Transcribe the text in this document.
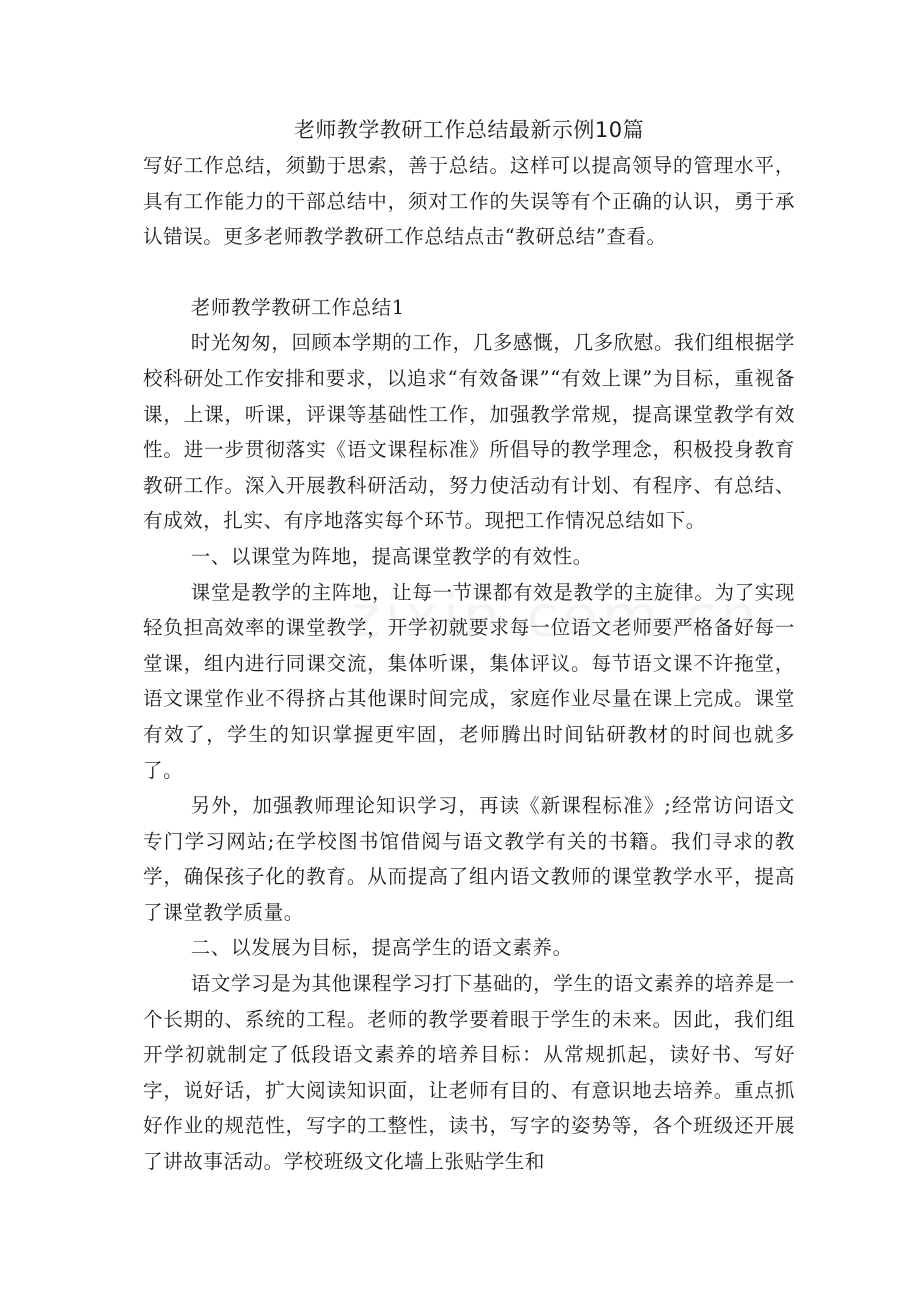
老师教学教研工作总结最新示例10篇

写好工作总结，须勤于思索，善于总结。这样可以提高领导的管理水平，具有工作能力的干部总结中，须对工作的失误等有个正确的认识，勇于承认错误。更多老师教学教研工作总结点击“教研总结”查看。

老师教学教研工作总结1

时光匆匆，回顾本学期的工作，几多感慨，几多欣慰。我们组根据学校科研处工作安排和要求，以追求“有效备课”“有效上课”为目标，重视备课，上课，听课，评课等基础性工作，加强教学常规，提高课堂教学有效性。进一步贯彻落实《语文课程标准》所倡导的教学理念，积极投身教育教研工作。深入开展教科研活动，努力使活动有计划、有程序、有总结、有成效，扎实、有序地落实每个环节。现把工作情况总结如下。

一、以课堂为阵地，提高课堂教学的有效性。

课堂是教学的主阵地，让每一节课都有效是教学的主旋律。为了实现轻负担高效率的课堂教学，开学初就要求每一位语文老师要严格备好每一堂课，组内进行同课交流，集体听课，集体评议。每节语文课不许拖堂，语文课堂作业不得挤占其他课时间完成，家庭作业尽量在课上完成。课堂有效了，学生的知识掌握更牢固，老师腾出时间钻研教材的时间也就多了。

另外，加强教师理论知识学习，再读《新课程标准》;经常访问语文专门学习网站;在学校图书馆借阅与语文教学有关的书籍。我们寻求的教学，确保孩子化的教育。从而提高了组内语文教师的课堂教学水平，提高了课堂教学质量。

二、以发展为目标，提高学生的语文素养。

语文学习是为其他课程学习打下基础的，学生的语文素养的培养是一个长期的、系统的工程。老师的教学要着眼于学生的未来。因此，我们组开学初就制定了低段语文素养的培养目标：从常规抓起，读好书、写好字，说好话，扩大阅读知识面，让老师有目的、有意识地去培养。重点抓好作业的规范性，写字的工整性，读书，写字的姿势等，各个班级还开展了讲故事活动。学校班级文化墙上张贴学生和
